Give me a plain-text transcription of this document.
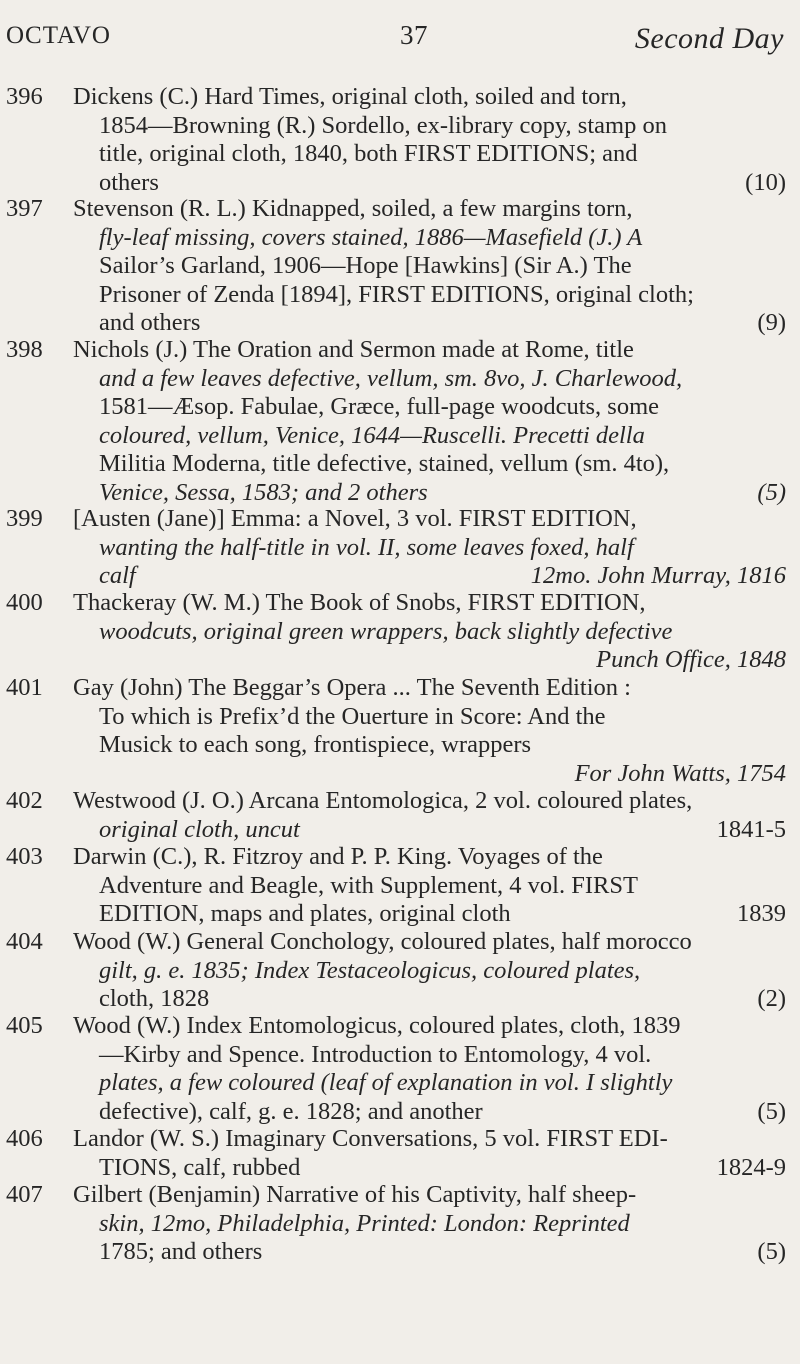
OCTAVO	37	Second Day
396	Dickens (C.) Hard Times, original cloth, soiled and torn,
1854—Browning (R.) Sordello, ex-library copy, stamp on
title, original cloth, 1840, both FIRST EDITIONS; and
others	(10)
397	Stevenson (R. L.) Kidnapped, soiled, a few margins torn,
fly-leaf missing, covers stained, 1886—Masefield (J.) A
Sailor’s Garland, 1906—Hope [Hawkins] (Sir A.) The
Prisoner of Zenda [1894], FIRST EDITIONS, original cloth;
and others	(9)
398	Nichols (J.) The Oration and Sermon made at Rome, title
and a few leaves defective, vellum, sm. 8vo, J. Charlewood,
1581—Æsop. Fabulae, Græce, full-page woodcuts, some
coloured, vellum, Venice, 1644—Ruscelli. Precetti della
Militia Moderna, title defective, stained, vellum (sm. 4to),
Venice, Sessa, 1583; and 2 others	(5)
399	[Austen (Jane)] Emma: a Novel, 3 vol. FIRST EDITION,
wanting the half-title in vol. II, some leaves foxed, half
calf	12mo. John Murray, 1816
400	Thackeray (W. M.) The Book of Snobs, FIRST EDITION,
woodcuts, original green wrappers, back slightly defective
Punch Office, 1848
401	Gay (John) The Beggar’s Opera ... The Seventh Edition :
To which is Prefix’d the Ouerture in Score: And the
Musick to each song, frontispiece, wrappers
For John Watts, 1754
402	Westwood (J. O.) Arcana Entomologica, 2 vol. coloured plates,
original cloth, uncut	1841-5
403	Darwin (C.), R. Fitzroy and P. P. King. Voyages of the
Adventure and Beagle, with Supplement, 4 vol. FIRST
EDITION, maps and plates, original cloth	1839
404	Wood (W.) General Conchology, coloured plates, half morocco
gilt, g. e. 1835; Index Testaceologicus, coloured plates,
cloth, 1828	(2)
405	Wood (W.) Index Entomologicus, coloured plates, cloth, 1839
—Kirby and Spence. Introduction to Entomology, 4 vol.
plates, a few coloured (leaf of explanation in vol. I slightly
defective), calf, g. e. 1828; and another	(5)
406	Landor (W. S.) Imaginary Conversations, 5 vol. FIRST EDI-
TIONS, calf, rubbed	1824-9
407	Gilbert (Benjamin) Narrative of his Captivity, half sheep-
skin, 12mo, Philadelphia, Printed: London: Reprinted
1785; and others	(5)
